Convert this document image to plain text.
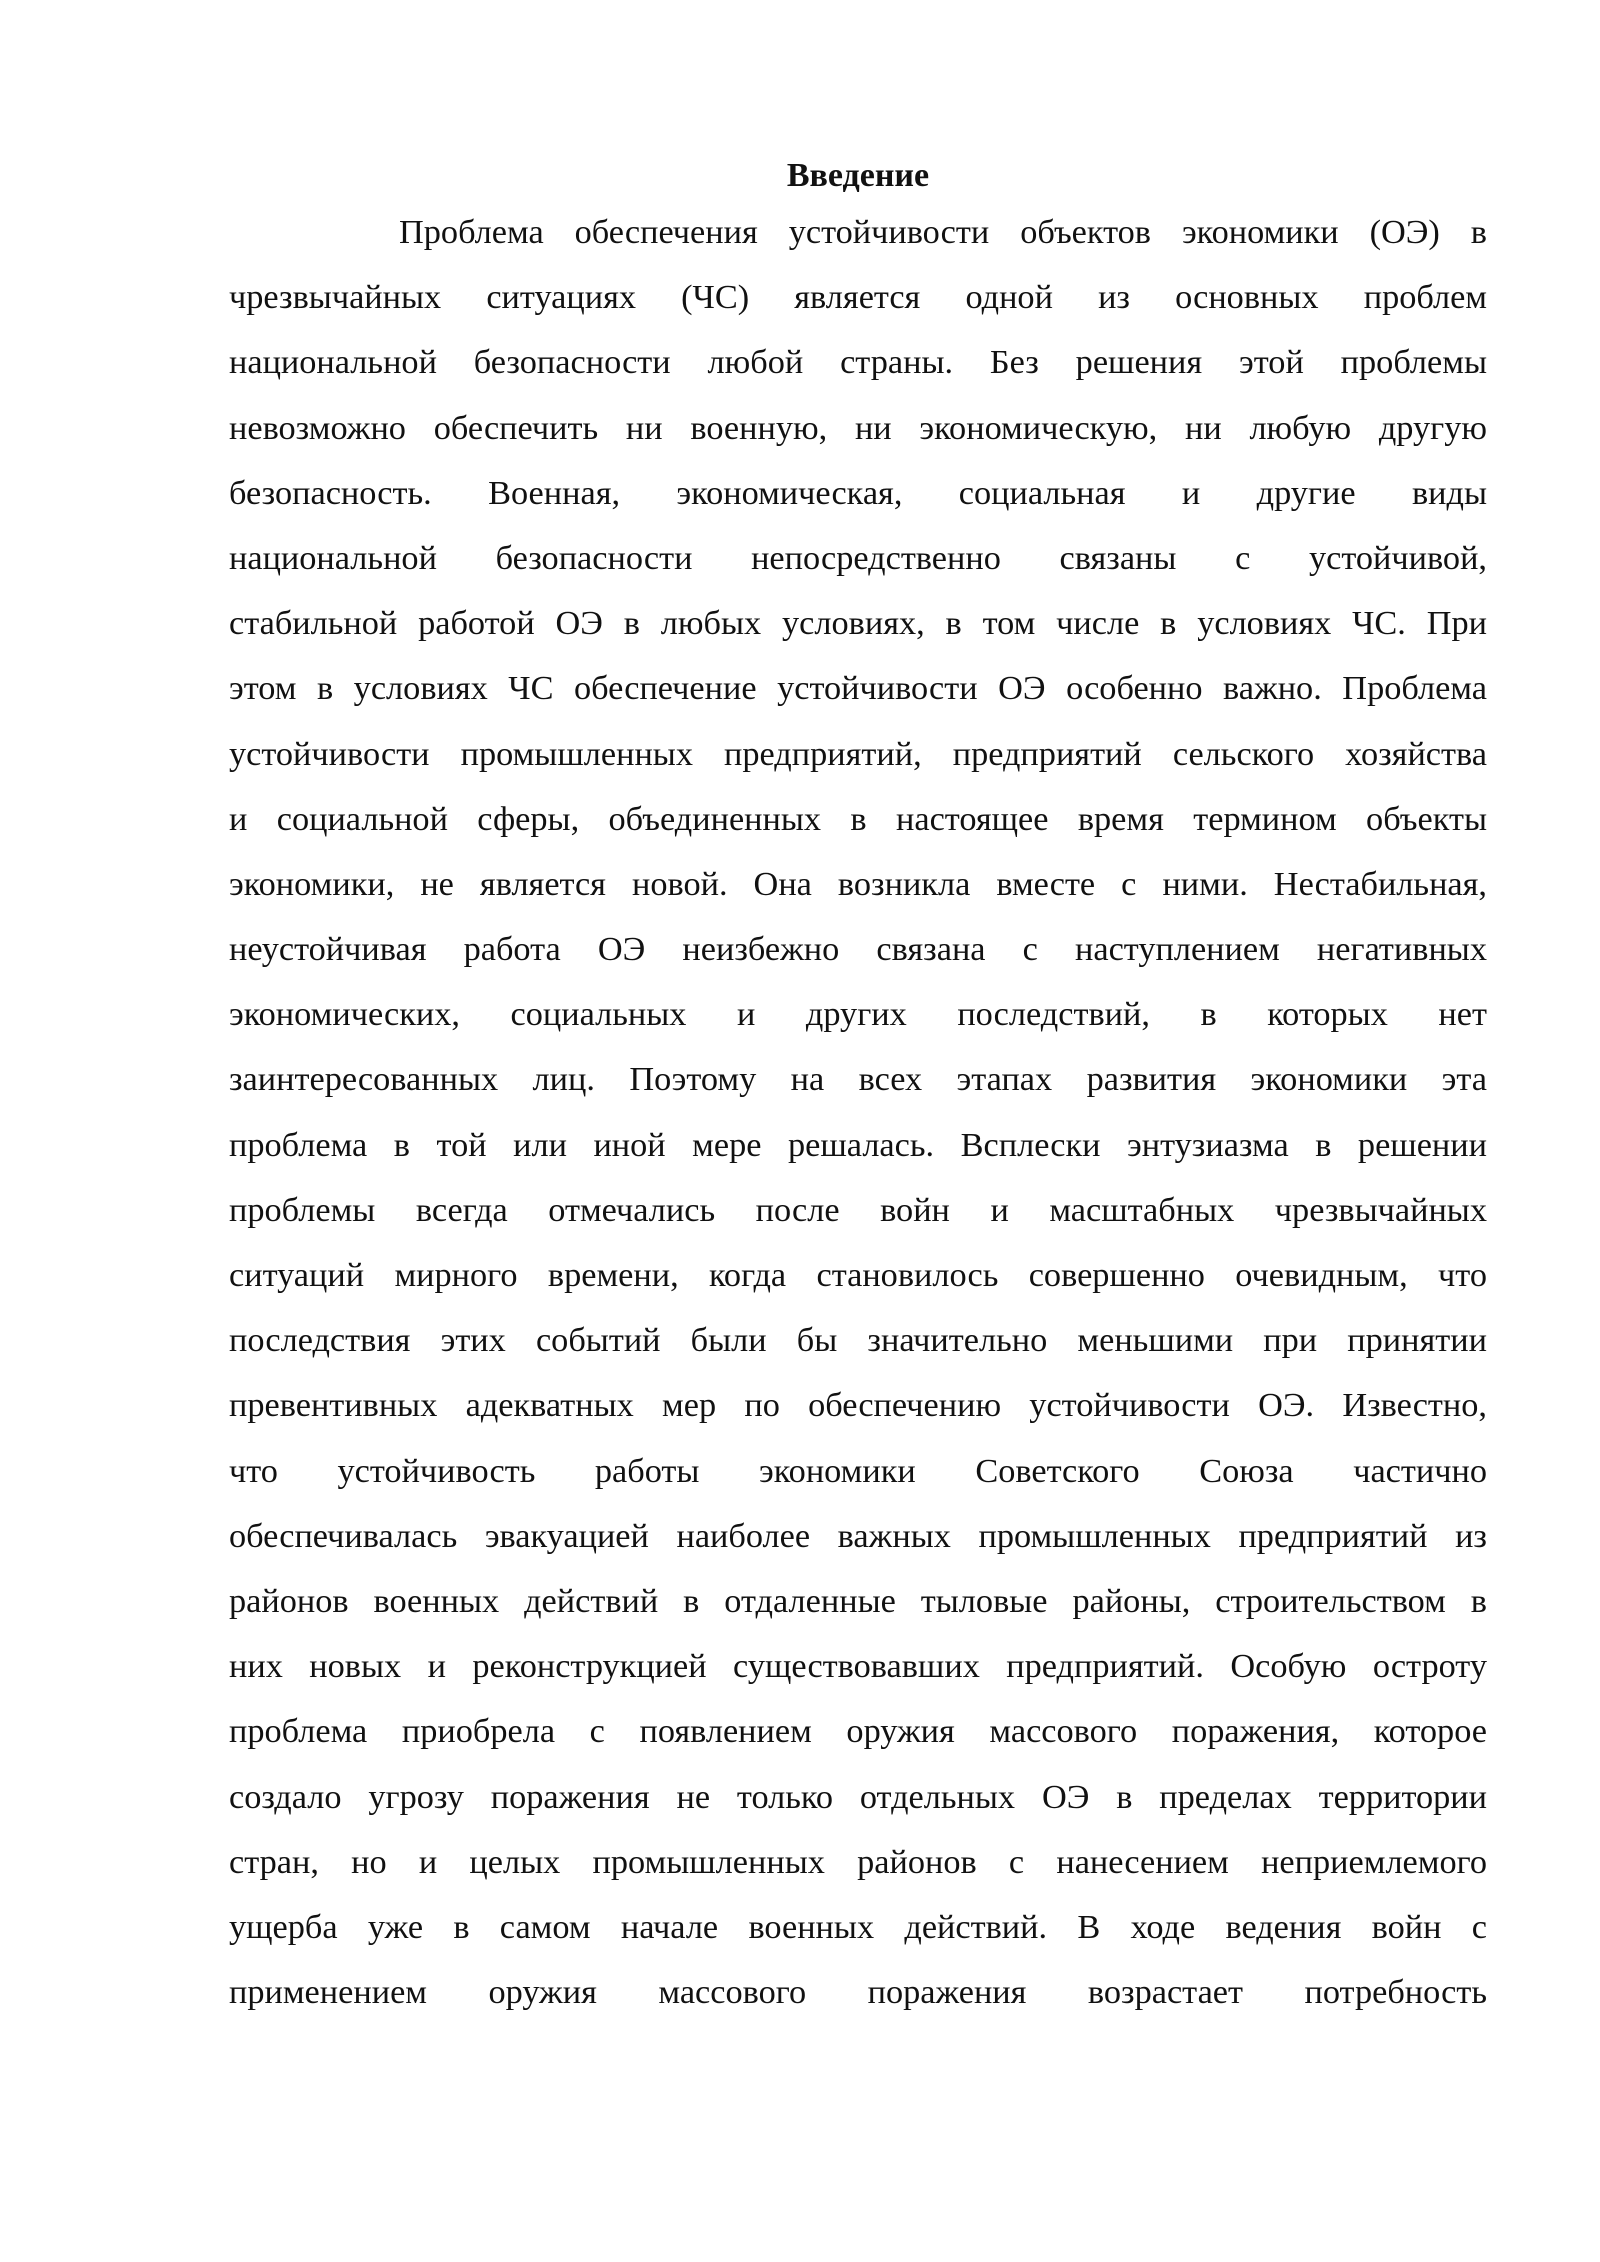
Введение
Проблема обеспечения устойчивости объектов экономики (ОЭ) в
чрезвычайных ситуациях (ЧС) является одной из основных проблем
национальной безопасности любой страны. Без решения этой проблемы
невозможно обеспечить ни военную, ни экономическую, ни любую другую
безопасность. Военная, экономическая, социальная и другие виды
национальной безопасности непосредственно связаны с устойчивой,
стабильной работой ОЭ в любых условиях, в том числе в условиях ЧС. При
этом в условиях ЧС обеспечение устойчивости ОЭ особенно важно. Проблема
устойчивости промышленных предприятий, предприятий сельского хозяйства
и социальной сферы, объединенных в настоящее время термином объекты
экономики, не является новой. Она возникла вместе с ними. Нестабильная,
неустойчивая работа ОЭ неизбежно связана с наступлением негативных
экономических, социальных и других последствий, в которых нет
заинтересованных лиц. Поэтому на всех этапах развития экономики эта
проблема в той или иной мере решалась. Всплески энтузиазма в решении
проблемы всегда отмечались после войн и масштабных чрезвычайных
ситуаций мирного времени, когда становилось совершенно очевидным, что
последствия этих событий были бы значительно меньшими при принятии
превентивных адекватных мер по обеспечению устойчивости ОЭ. Известно,
что устойчивость работы экономики Советского Союза частично
обеспечивалась эвакуацией наиболее важных промышленных предприятий из
районов военных действий в отдаленные тыловые районы, строительством в
них новых и реконструкцией существовавших предприятий. Особую остроту
проблема приобрела с появлением оружия массового поражения, которое
создало угрозу поражения не только отдельных ОЭ в пределах территории
стран, но и целых промышленных районов с нанесением неприемлемого
ущерба уже в самом начале военных действий. В ходе ведения войн с
применением оружия массового поражения возрастает потребность
